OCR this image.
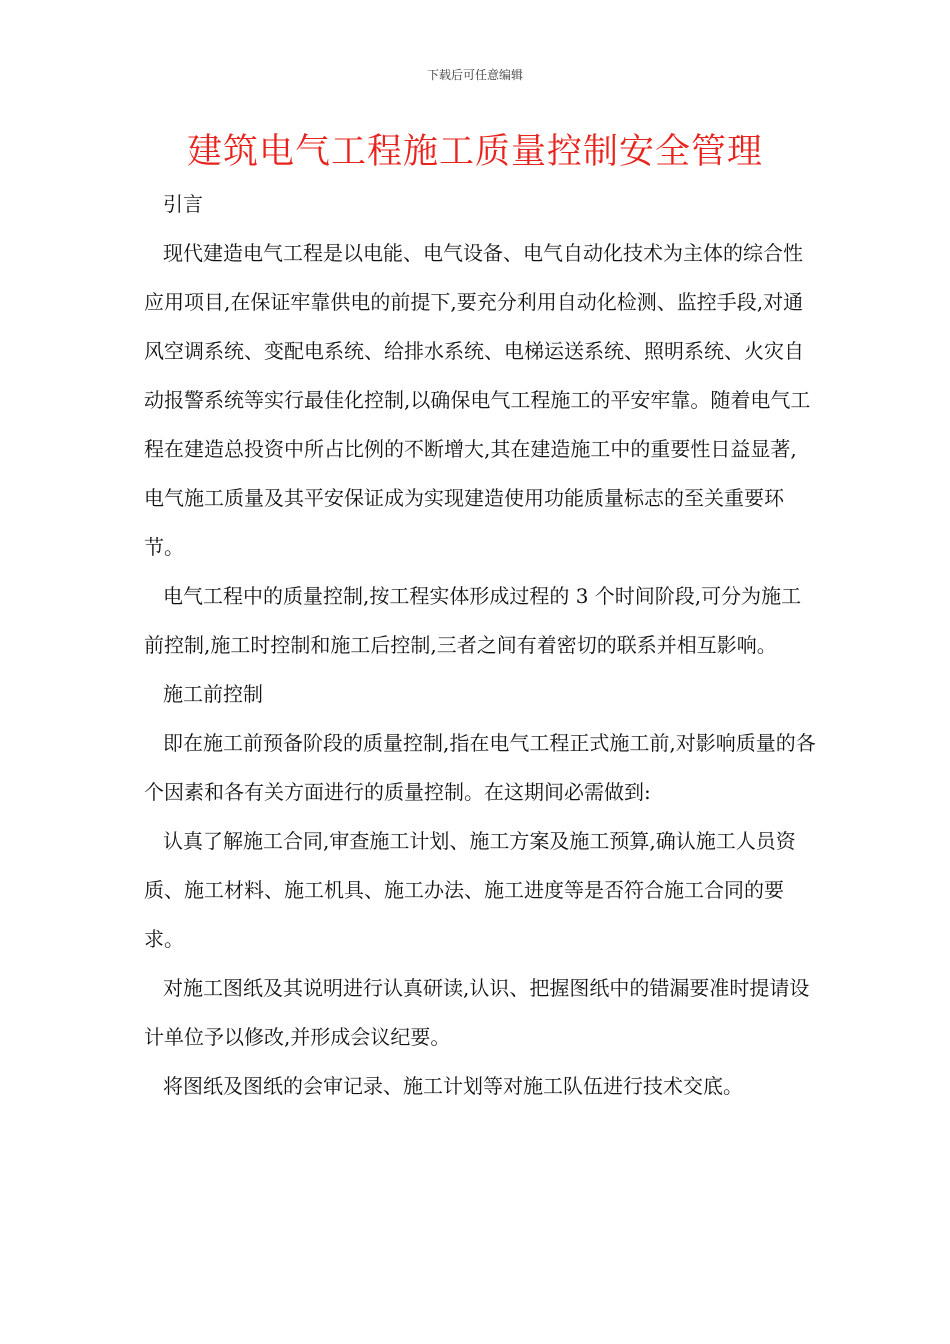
下载后可任意编辑
建筑电气工程施工质量控制安全管理
引言

现代建造电气工程是以电能、电气设备、电气自动化技术为主体的综合性应用项目,在保证牢靠供电的前提下,要充分利用自动化检测、监控手段,对通风空调系统、变配电系统、给排水系统、电梯运送系统、照明系统、火灾自动报警系统等实行最佳化控制,以确保电气工程施工的平安牢靠。随着电气工程在建造总投资中所占比例的不断增大,其在建造施工中的重要性日益显著,电气施工质量及其平安保证成为实现建造使用功能质量标志的至关重要环节。

电气工程中的质量控制,按工程实体形成过程的 3 个时间阶段,可分为施工前控制,施工时控制和施工后控制,三者之间有着密切的联系并相互影响。

施工前控制

即在施工前预备阶段的质量控制,指在电气工程正式施工前,对影响质量的各个因素和各有关方面进行的质量控制。在这期间必需做到:

认真了解施工合同,审查施工计划、施工方案及施工预算,确认施工人员资质、施工材料、施工机具、施工办法、施工进度等是否符合施工合同的要求。

对施工图纸及其说明进行认真研读,认识、把握图纸中的错漏要准时提请设计单位予以修改,并形成会议纪要。

将图纸及图纸的会审记录、施工计划等对施工队伍进行技术交底。
